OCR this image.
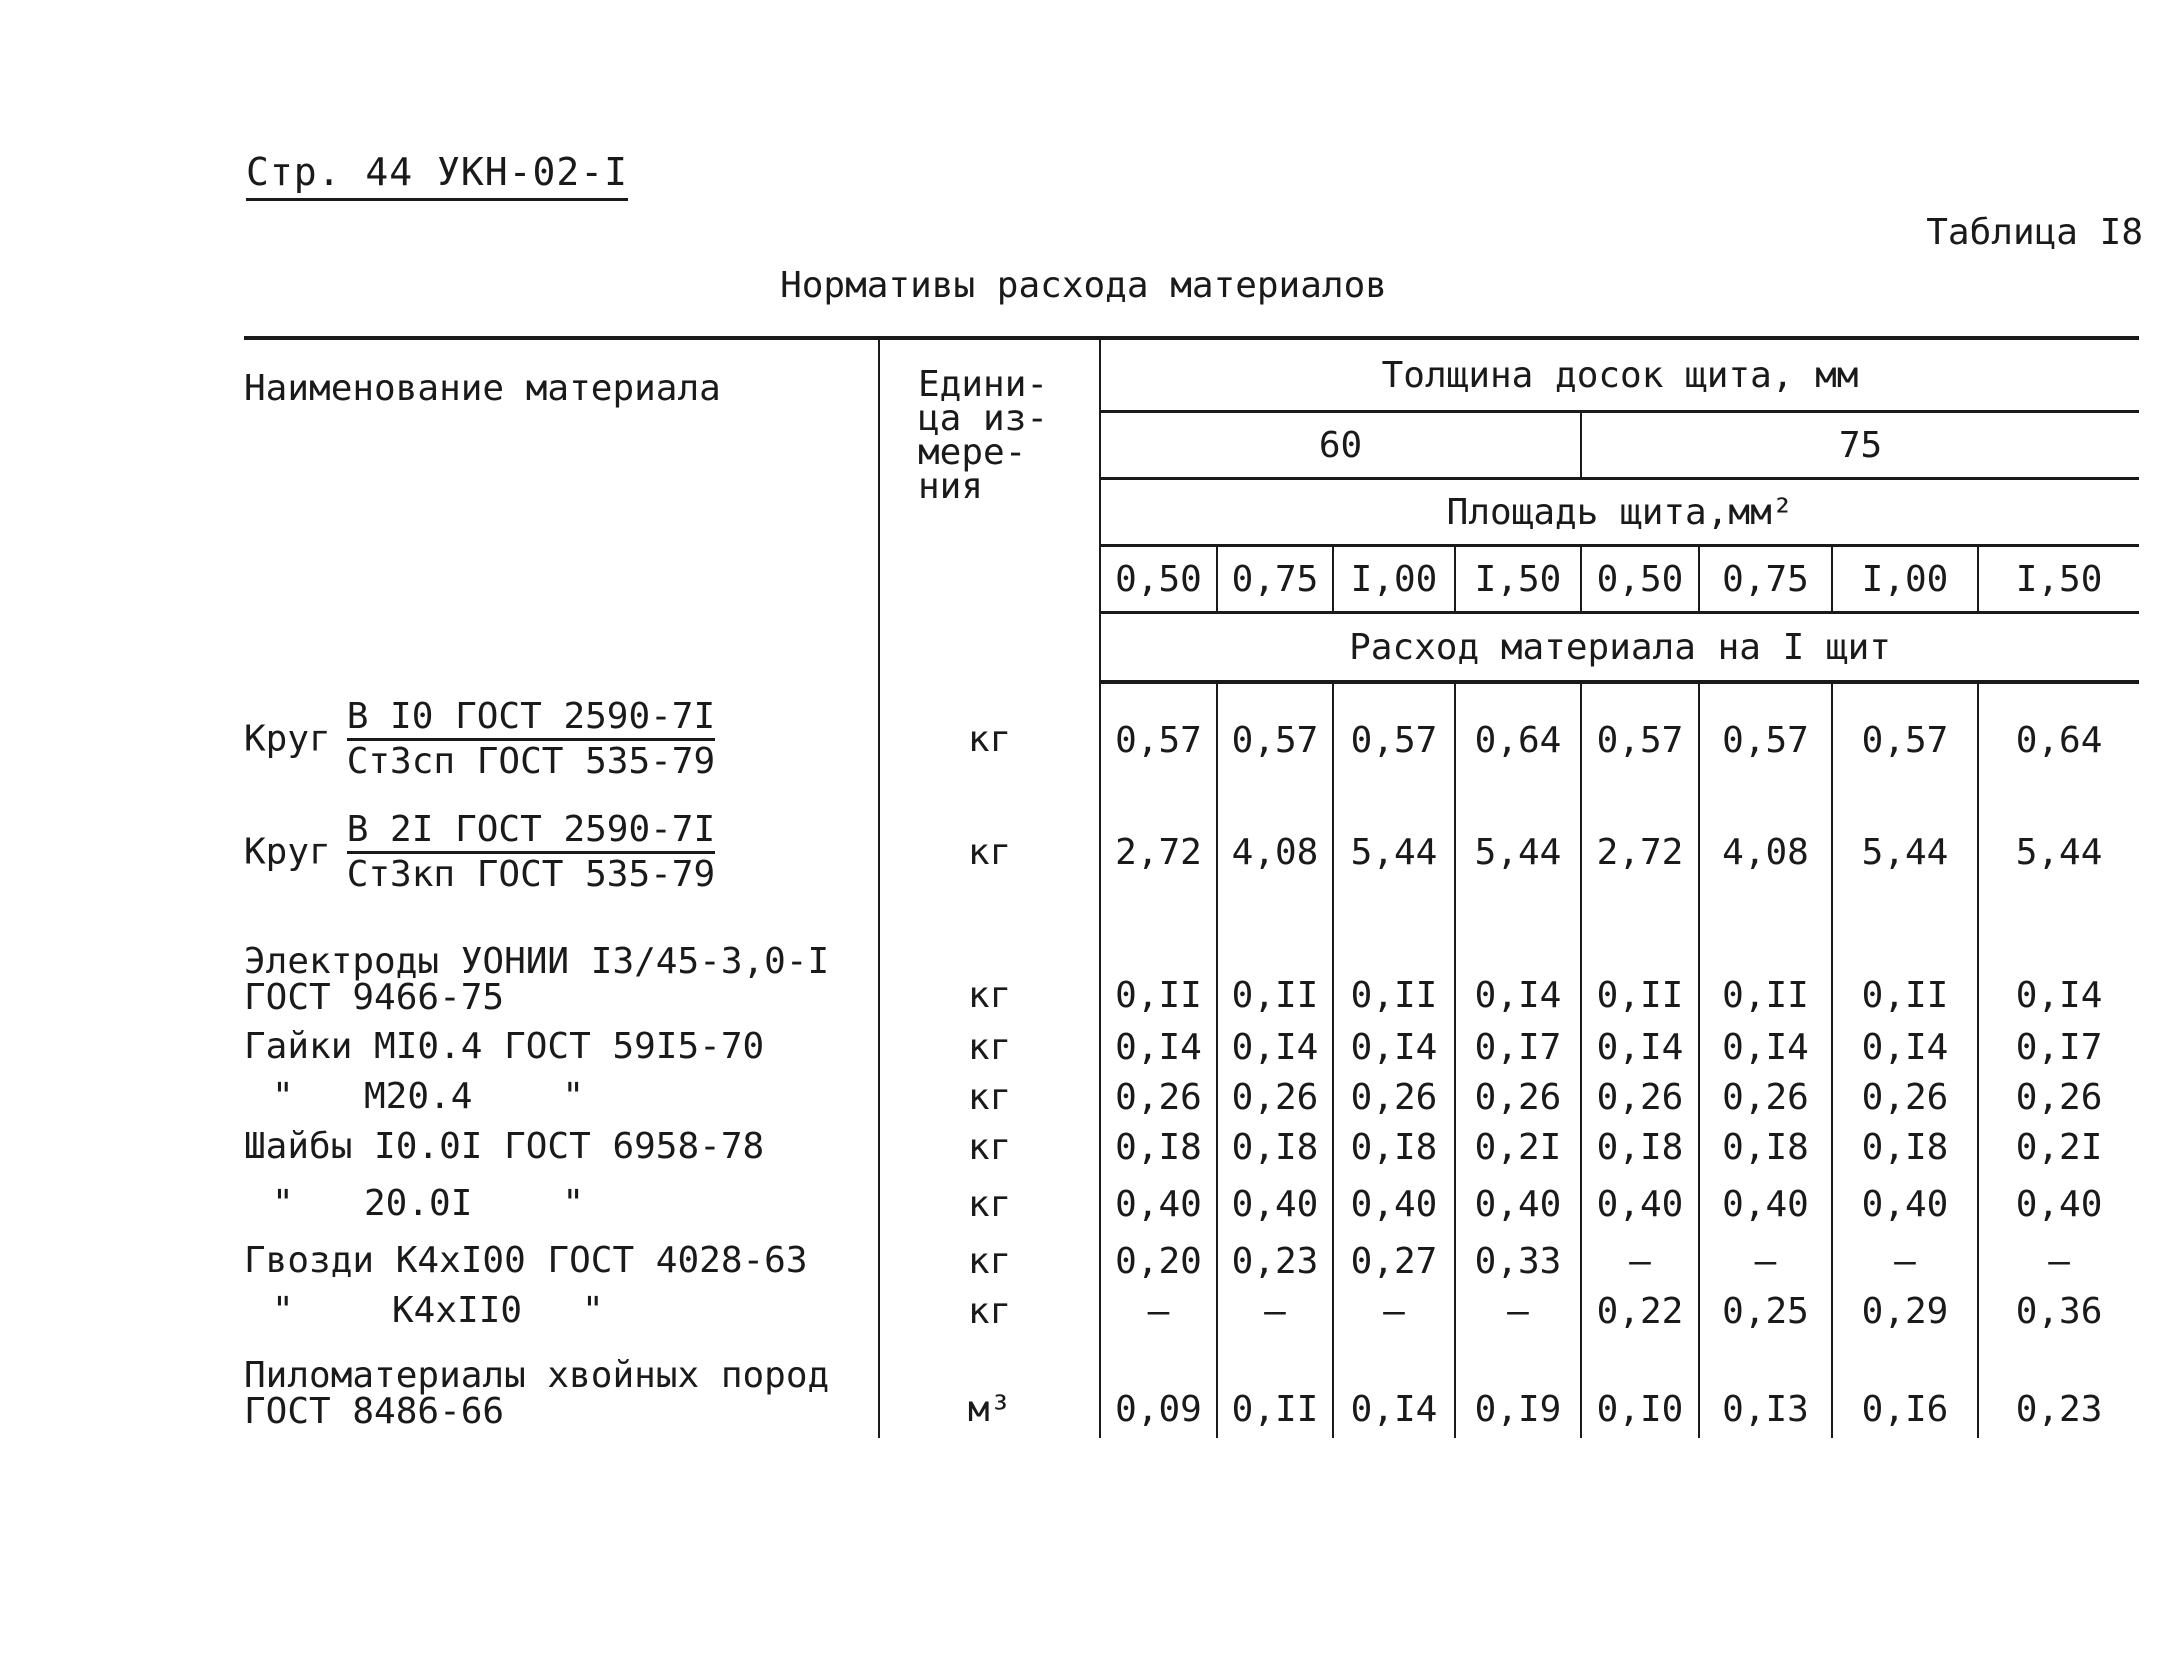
Стр. 44 УКН-02-I
Таблица I8
Нормативы расхода материалов
Наименование материала	Едини-
ца из-
мере-
ния	Толщина досок щита, мм							
		60				75			
		Площадь щита,мм²							
		0,50	0,75	I,00	I,50	0,50	0,75	I,00	I,50
		Расход материала на I щит							
Круг $\frac{\text{В I0 ГОСТ 2590-7I}}{\text{Ст3сп ГОСТ 535-79}}$	кг	0,57	0,57	0,57	0,64	0,57	0,57	0,57	0,64
Круг $\frac{\text{В 2I ГОСТ 2590-7I}}{\text{Ст3кп ГОСТ 535-79}}$	кг	2,72	4,08	5,44	5,44	2,72	4,08	5,44	5,44

Электроды УОНИИ I3/45-3,0-I
ГОСТ 9466-75	кг	0,II	0,II	0,II	0,I4	0,II	0,II	0,II	0,I4
Гайки МI0.4 ГОСТ 59I5-70	кг	0,I4	0,I4	0,I4	0,I7	0,I4	0,I4	0,I4	0,I7
" М20.4 "	кг	0,26	0,26	0,26	0,26	0,26	0,26	0,26	0,26
Шайбы I0.0I ГОСТ 6958-78	кг	0,I8	0,I8	0,I8	0,2I	0,I8	0,I8	0,I8	0,2I
" 20.0I "	кг	0,40	0,40	0,40	0,40	0,40	0,40	0,40	0,40
Гвозди К4хI00 ГОСТ 4028-63	кг	0,20	0,23	0,27	0,33	–	–	–	–
" К4хII0 "	кг	–	–	–	–	0,22	0,25	0,29	0,36

Пиломатериалы хвойных пород
ГОСТ 8486-66	м³	0,09	0,II	0,I4	0,I9	0,I0	0,I3	0,I6	0,23
